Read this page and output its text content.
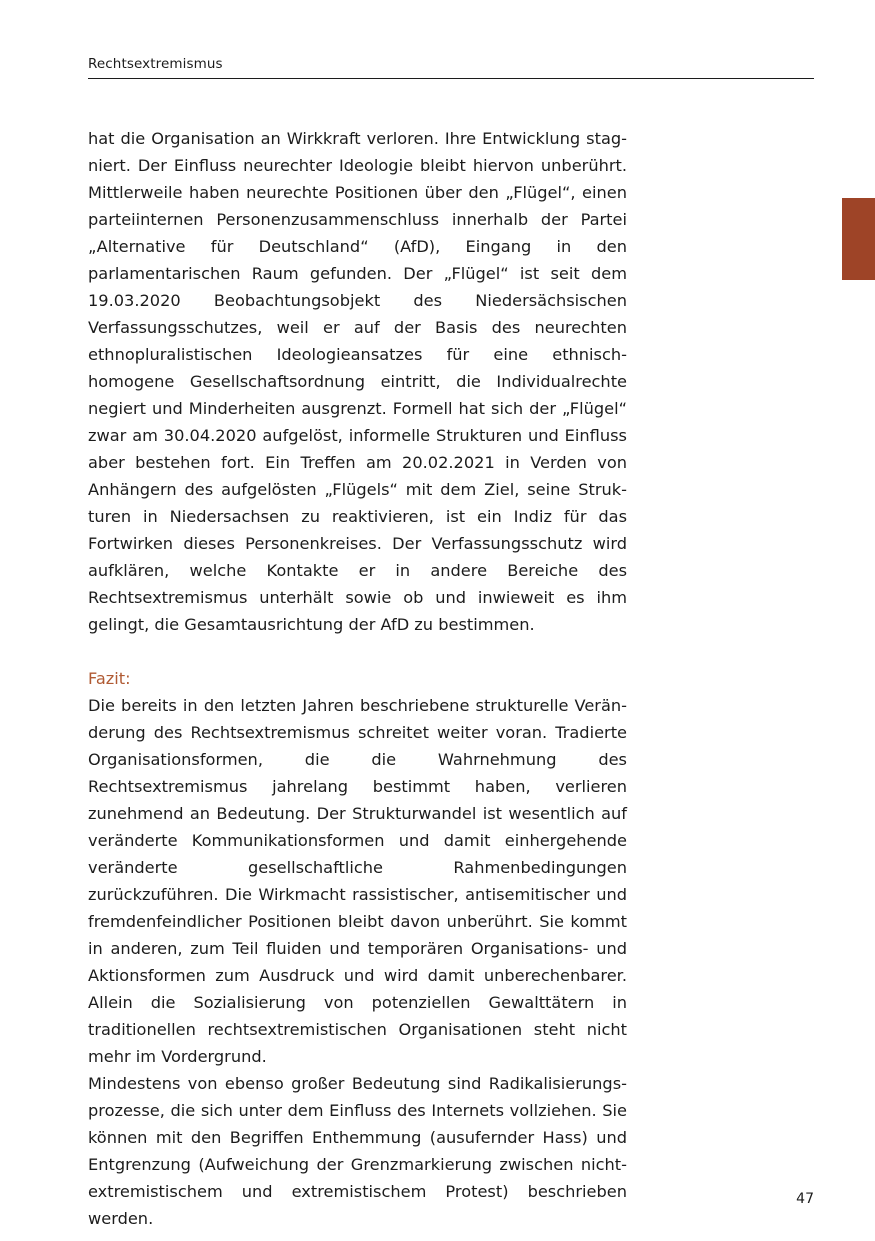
Rechtsextremismus

hat die Organisation an Wirkkraft verloren. Ihre Entwicklung stagniert. Der Einfluss neurechter Ideologie bleibt hiervon unberührt. Mittlerweile haben neurechte Positionen über den „Flügel“, einen parteiinternen Personenzusammenschluss innerhalb der Partei „Alternative für Deutschland“ (AfD), Eingang in den parlamentarischen Raum gefunden. Der „Flügel“ ist seit dem 19.03.2020 Beobachtungsobjekt des Niedersächsischen Verfassungsschutzes, weil er auf der Basis des neurechten ethnopluralistischen Ideologieansatzes für eine ethnisch-homogene Gesellschaftsordnung eintritt, die Individualrechte negiert und Minderheiten ausgrenzt. Formell hat sich der „Flügel“ zwar am 30.04.2020 aufgelöst, informelle Strukturen und Einfluss aber bestehen fort. Ein Treffen am 20.02.2021 in Verden von Anhängern des aufgelösten „Flügels“ mit dem Ziel, seine Strukturen in Niedersachsen zu reaktivieren, ist ein Indiz für das Fortwirken dieses Personenkreises. Der Verfassungsschutz wird aufklären, welche Kontakte er in andere Bereiche des Rechtsextremismus unterhält sowie ob und inwieweit es ihm gelingt, die Gesamtausrichtung der AfD zu bestimmen.

Fazit:

Die bereits in den letzten Jahren beschriebene strukturelle Veränderung des Rechtsextremismus schreitet weiter voran. Tradierte Organisationsformen, die die Wahrnehmung des Rechtsextremismus jahrelang bestimmt haben, verlieren zunehmend an Bedeutung. Der Strukturwandel ist wesentlich auf veränderte Kommunikationsformen und damit einhergehende veränderte gesellschaftliche Rahmenbedingungen zurückzuführen. Die Wirkmacht rassistischer, antisemitischer und fremdenfeindlicher Positionen bleibt davon unberührt. Sie kommt in anderen, zum Teil fluiden und temporären Organisations- und Aktionsformen zum Ausdruck und wird damit unberechenbarer. Allein die Sozialisierung von potenziellen Gewalttätern in traditionellen rechtsextremistischen Organisationen steht nicht mehr im Vordergrund.

Mindestens von ebenso großer Bedeutung sind Radikalisierungsprozesse, die sich unter dem Einfluss des Internets vollziehen. Sie können mit den Begriffen Enthemmung (ausufernder Hass) und Entgrenzung (Aufweichung der Grenzmarkierung zwischen nichtextremistischem und extremistischem Protest) beschrieben werden.

47
